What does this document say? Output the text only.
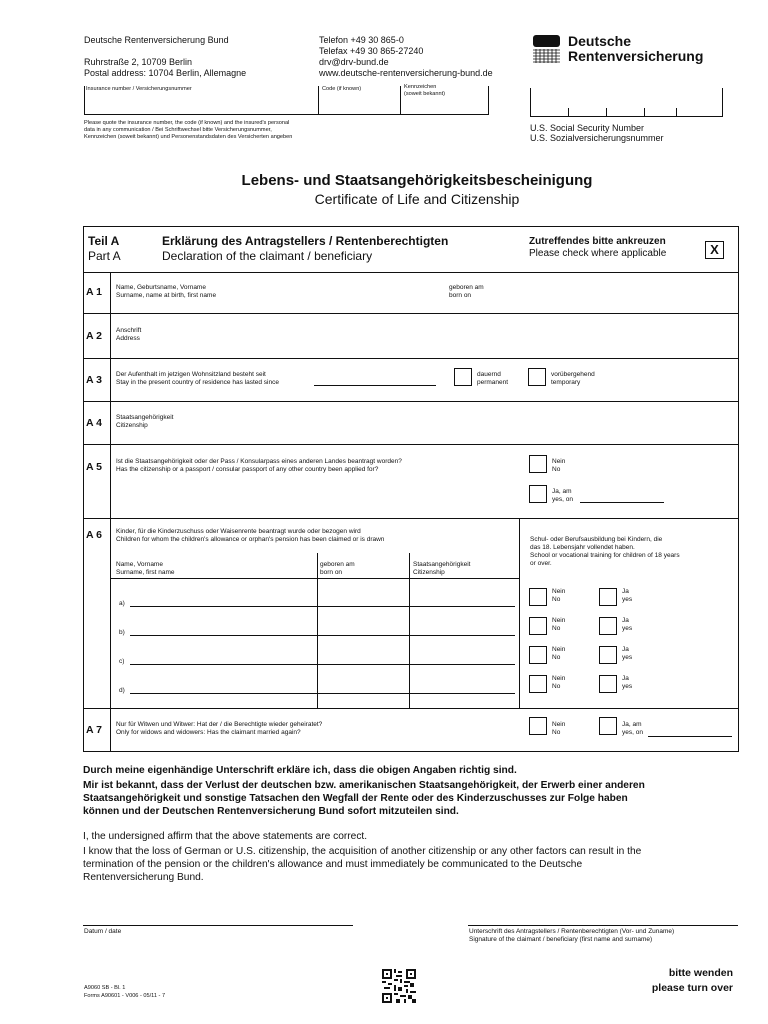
Deutsche Rentenversicherung Bund
Ruhrstraße 2, 10709 Berlin
Postal address: 10704 Berlin, Allemagne
Telefon +49 30 865-0
Telefax +49 30 865-27240
drv@drv-bund.de
www.deutsche-rentenversicherung-bund.de
Deutsche
Rentenversicherung
Insurance number / Versicherungsnummer	Code (if known)	Kennzeichen
(soweit bekannt)
Please quote the insurance number, the code (if known) and the insured's personal
data in any communication / Bei Schriftwechsel bitte Versicherungsnummer,
Kennzeichen (soweit bekannt) und Personenstandsdaten des Versicherten angeben
U.S. Social Security Number
U.S. Sozialversicherungsnummer
Lebens- und Staatsangehörigkeitsbescheinigung
Certificate of Life and Citizenship
Teil A
Part A
Erklärung des Antragstellers / Rentenberechtigten
Declaration of the claimant / beneficiary
Zutreffendes bitte ankreuzen
Please check where applicable	X
A 1 Name, Geburtsname, Vorname
Surname, name at birth, first name
geboren am
born on
A 2 Anschrift
Address
A 3 Der Aufenthalt im jetzigen Wohnsitzland besteht seit
Stay in the present country of residence has lasted since
dauernd
permanent
vorübergehend
temporary
A 4 Staatsangehörigkeit
Citizenship
A 5 Ist die Staatsangehörigkeit oder der Pass / Konsularpass eines anderen Landes beantragt worden?
Has the citizenship or a passport / consular passport of any other country been applied for?
Nein
No
Ja, am
yes, on
A 6 Kinder, für die Kinderzuschuss oder Waisenrente beantragt wurde oder bezogen wird
Children for whom the children's allowance or orphan's pension has been claimed or is drawn	Schul- oder Berufsausbildung bei Kindern, die
das 18. Lebensjahr vollendet haben.
School or vocational training for children of 18 years
or over.
Name, Vorname
Surname, first name
geboren am
born on
Staatsangehörigkeit
Citizenship
a)
Nein
No
Ja
yes
b)
Nein
No
Ja
yes
c)
Nein
No
Ja
yes
d)
Nein
No
Ja
yes
A 7 Nur für Witwen und Witwer: Hat der / die Berechtigte wieder geheiratet?
Only for widows and widowers: Has the claimant married again?
Nein
No
Ja, am
yes, on
Durch meine eigenhändige Unterschrift erkläre ich, dass die obigen Angaben richtig sind.
Mir ist bekannt, dass der Verlust der deutschen bzw. amerikanischen Staatsangehörigkeit, der Erwerb einer anderen
Staatsangehörigkeit und sonstige Tatsachen den Wegfall der Rente oder des Kinderzuschusses zur Folge haben
können und der Deutschen Rentenversicherung Bund sofort mitzuteilen sind.
I, the undersigned affirm that the above statements are correct.
I know that the loss of German or U.S. citizenship, the acquisition of another citizenship or any other factors can result in the
termination of the pension or the children's allowance and must immediately be communicated to the Deutsche
Rentenversicherung Bund.
Datum / date	Unterschrift des Antragstellers / Rentenberechtigten (Vor- und Zuname)
Signature of the claimant / beneficiary (first name and surname)
A9060 SB - Bl. 1
Forms A90601 - V006 - 05/11 - 7
bitte wenden
please turn over
